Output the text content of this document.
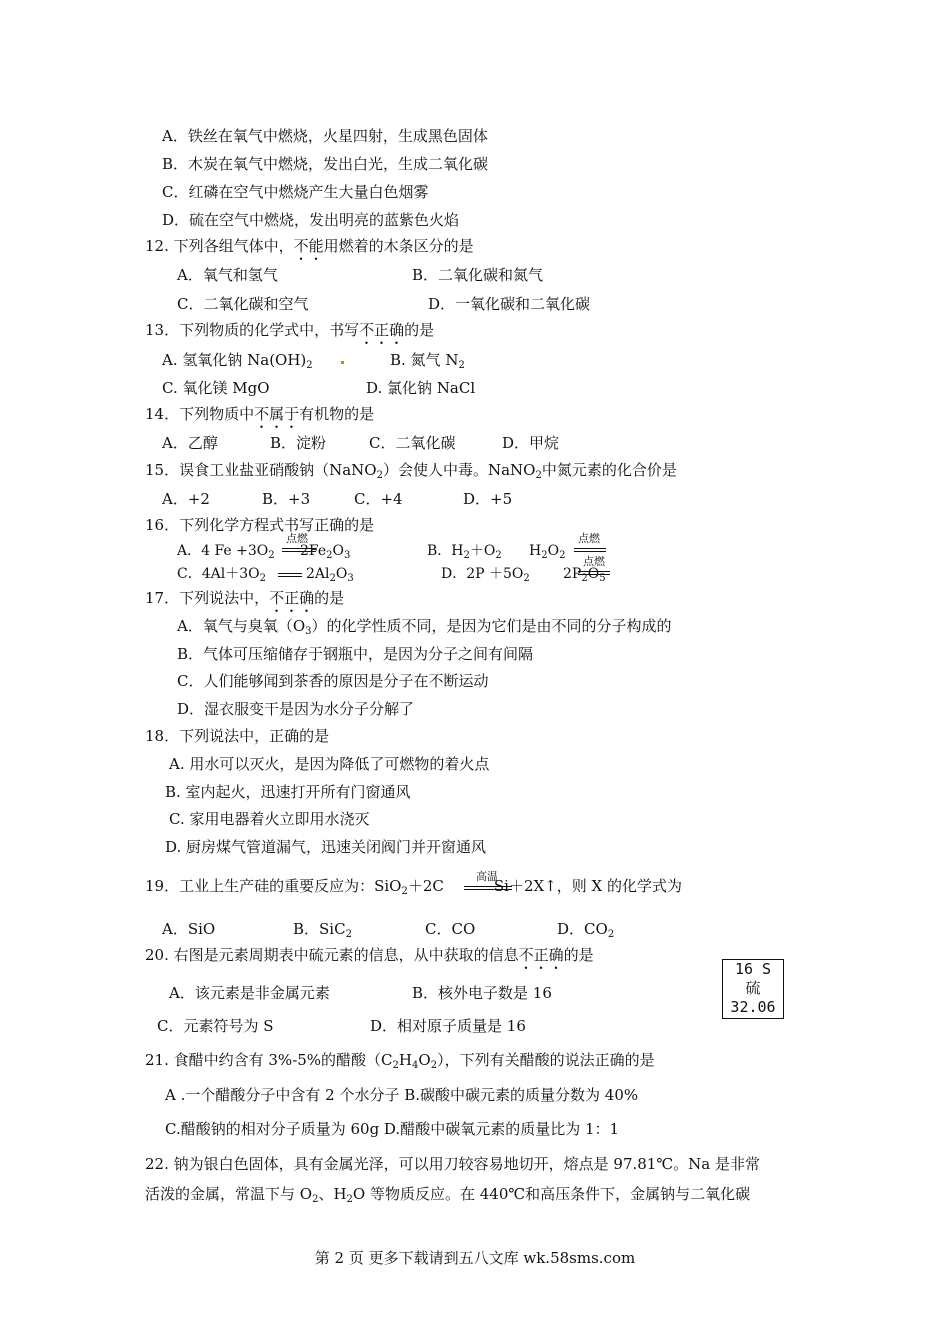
A．铁丝在氧气中燃烧，火星四射，生成黑色固体
B．木炭在氧气中燃烧，发出白光，生成二氧化碳
C．红磷在空气中燃烧产生大量白色烟雾
D．硫在空气中燃烧，发出明亮的蓝紫色火焰
12. 下列各组气体中，不能用燃着的木条区分的是
A．氧气和氢气	B．二氧化碳和氮气
C．二氧化碳和空气	D．一氧化碳和二氧化碳
13．下列物质的化学式中，书写不正确的是
A. 氢氧化钠 $Na(OH)_2$	B. 氮气 $N_2$
C. 氧化镁 MgO	D. 氯化钠 NaCl
14．下列物质中不属于有机物的是
A．乙醇	B．淀粉	C．二氧化碳	D．甲烷
15．误食工业盐亚硝酸钠（NaNO$_2$）会使人中毒。NaNO$_2$中氮元素的化合价是
A．+2	B．+3	C．+4	D．+5
16．下列化学方程式书写正确的是
A．4 $Fe +3O_2$
点燃
$2Fe_2O_3$	B．$H_2+O_2$ $H_2O_2$
点燃
C．$4Al+3O_2$	$2Al_2O_3$	D．$2P +5O_2$ $2P_2O_5$
点燃
17．下列说法中，不正确的是
A．氧气与臭氧$(O_3)$的化学性质不同，是因为它们是由不同的分子构成的
B．气体可压缩储存于钢瓶中，是因为分子之间有间隔
C．人们能够闻到茶香的原因是分子在不断运动
D．湿衣服变干是因为水分子分解了
18．下列说法中，正确的是
A. 用水可以灭火，是因为降低了可燃物的着火点
B. 室内起火，迅速打开所有门窗通风
C. 家用电器着火立即用水浇灭
D. 厨房煤气管道漏气，迅速关闭阀门并开窗通风
19．工业上生产硅的重要反应为：SiO$_2$＋2C	Si＋2X↑，则 X 的化学式为
高温
A．SiO	B．SiC$_2$	C．CO	D．$CO_2$
20. 右图是元素周期表中硫元素的信息，从中获取的信息不正确的是
A．该元素是非金属元素	B．核外电子数是 16
C．元素符号为 S	D．相对原子质量是 16
16 S
硫
32.06
21. 食醋中约含有 3%-5%的醋酸$(C_2H_4O_2)$，下列有关醋酸的说法正确的是
A .一个醋酸分子中含有 2 个水分子 B.碳酸中碳元素的质量分数为 40%
C.醋酸钠的相对分子质量为 60g D.醋酸中碳氧元素的质量比为 1：1
22. 钠为银白色固体，具有金属光泽，可以用刀较容易地切开，熔点是 97.81℃。Na 是非常
活泼的金属，常温下与 $O_2$、$H_2O$ 等物质反应。在 440℃和高压条件下，金属钠与二氧化碳
第 2 页 更多下载请到五八文库 wk.58sms.com
